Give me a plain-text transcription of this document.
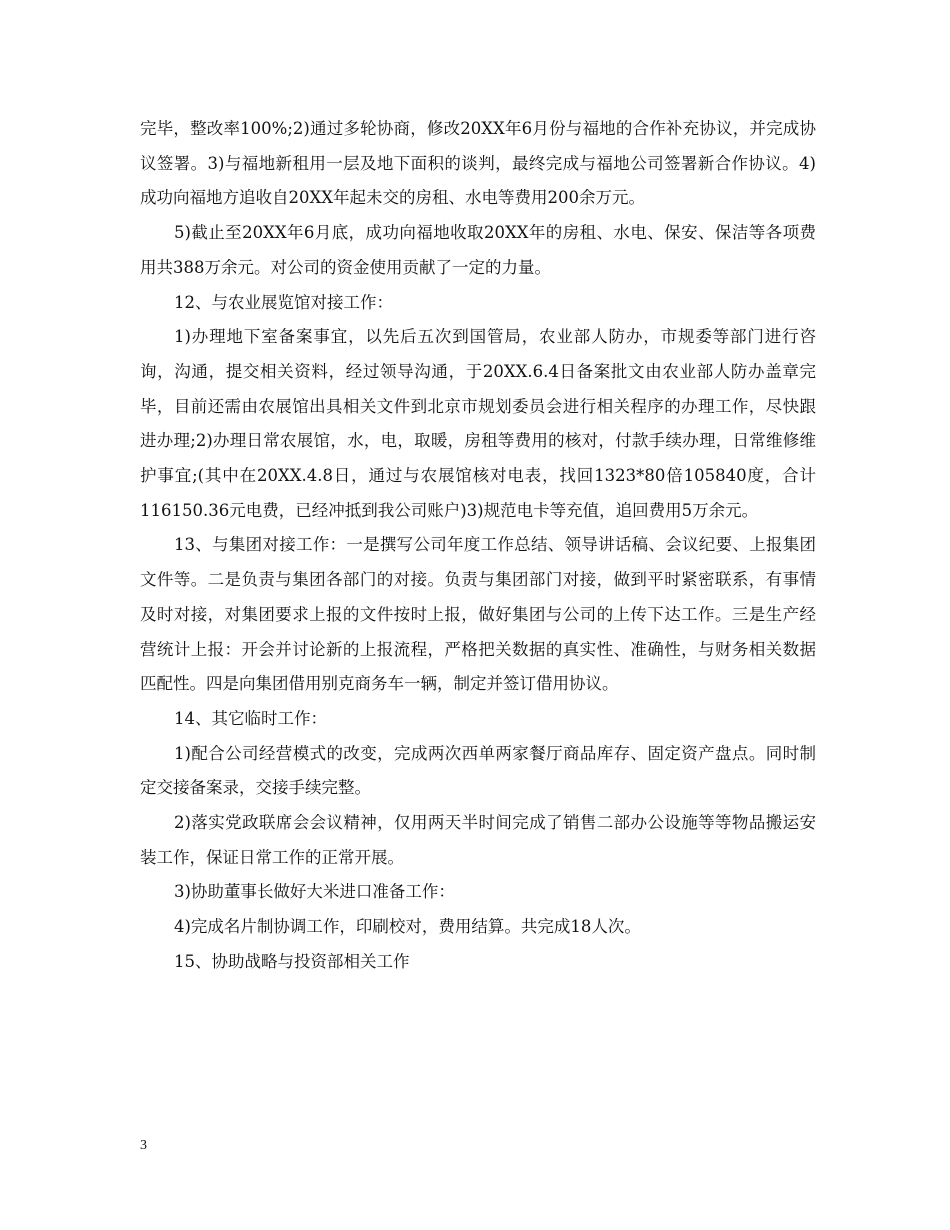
完毕，整改率100%;2)通过多轮协商，修改20XX年6月份与福地的合作补充协议，并完成协议签署。3)与福地新租用一层及地下面积的谈判，最终完成与福地公司签署新合作协议。4)成功向福地方追收自20XX年起未交的房租、水电等费用200余万元。

5)截止至20XX年6月底，成功向福地收取20XX年的房租、水电、保安、保洁等各项费用共388万余元。对公司的资金使用贡献了一定的力量。

12、与农业展览馆对接工作：

1)办理地下室备案事宜，以先后五次到国管局，农业部人防办，市规委等部门进行咨询，沟通，提交相关资料，经过领导沟通，于20XX.6.4日备案批文由农业部人防办盖章完毕，目前还需由农展馆出具相关文件到北京市规划委员会进行相关程序的办理工作，尽快跟进办理;2)办理日常农展馆，水，电，取暖，房租等费用的核对，付款手续办理，日常维修维护事宜;(其中在20XX.4.8日，通过与农展馆核对电表，找回1323*80倍105840度，合计116150.36元电费，已经冲抵到我公司账户)3)规范电卡等充值，追回费用5万余元。

13、与集团对接工作：一是撰写公司年度工作总结、领导讲话稿、会议纪要、上报集团文件等。二是负责与集团各部门的对接。负责与集团部门对接，做到平时紧密联系，有事情及时对接，对集团要求上报的文件按时上报，做好集团与公司的上传下达工作。三是生产经营统计上报：开会并讨论新的上报流程，严格把关数据的真实性、准确性，与财务相关数据匹配性。四是向集团借用别克商务车一辆，制定并签订借用协议。

14、其它临时工作：

1)配合公司经营模式的改变，完成两次西单两家餐厅商品库存、固定资产盘点。同时制定交接备案录，交接手续完整。

2)落实党政联席会会议精神，仅用两天半时间完成了销售二部办公设施等等物品搬运安装工作，保证日常工作的正常开展。

3)协助董事长做好大米进口准备工作：

4)完成名片制协调工作，印刷校对，费用结算。共完成18人次。

15、协助战略与投资部相关工作

3
